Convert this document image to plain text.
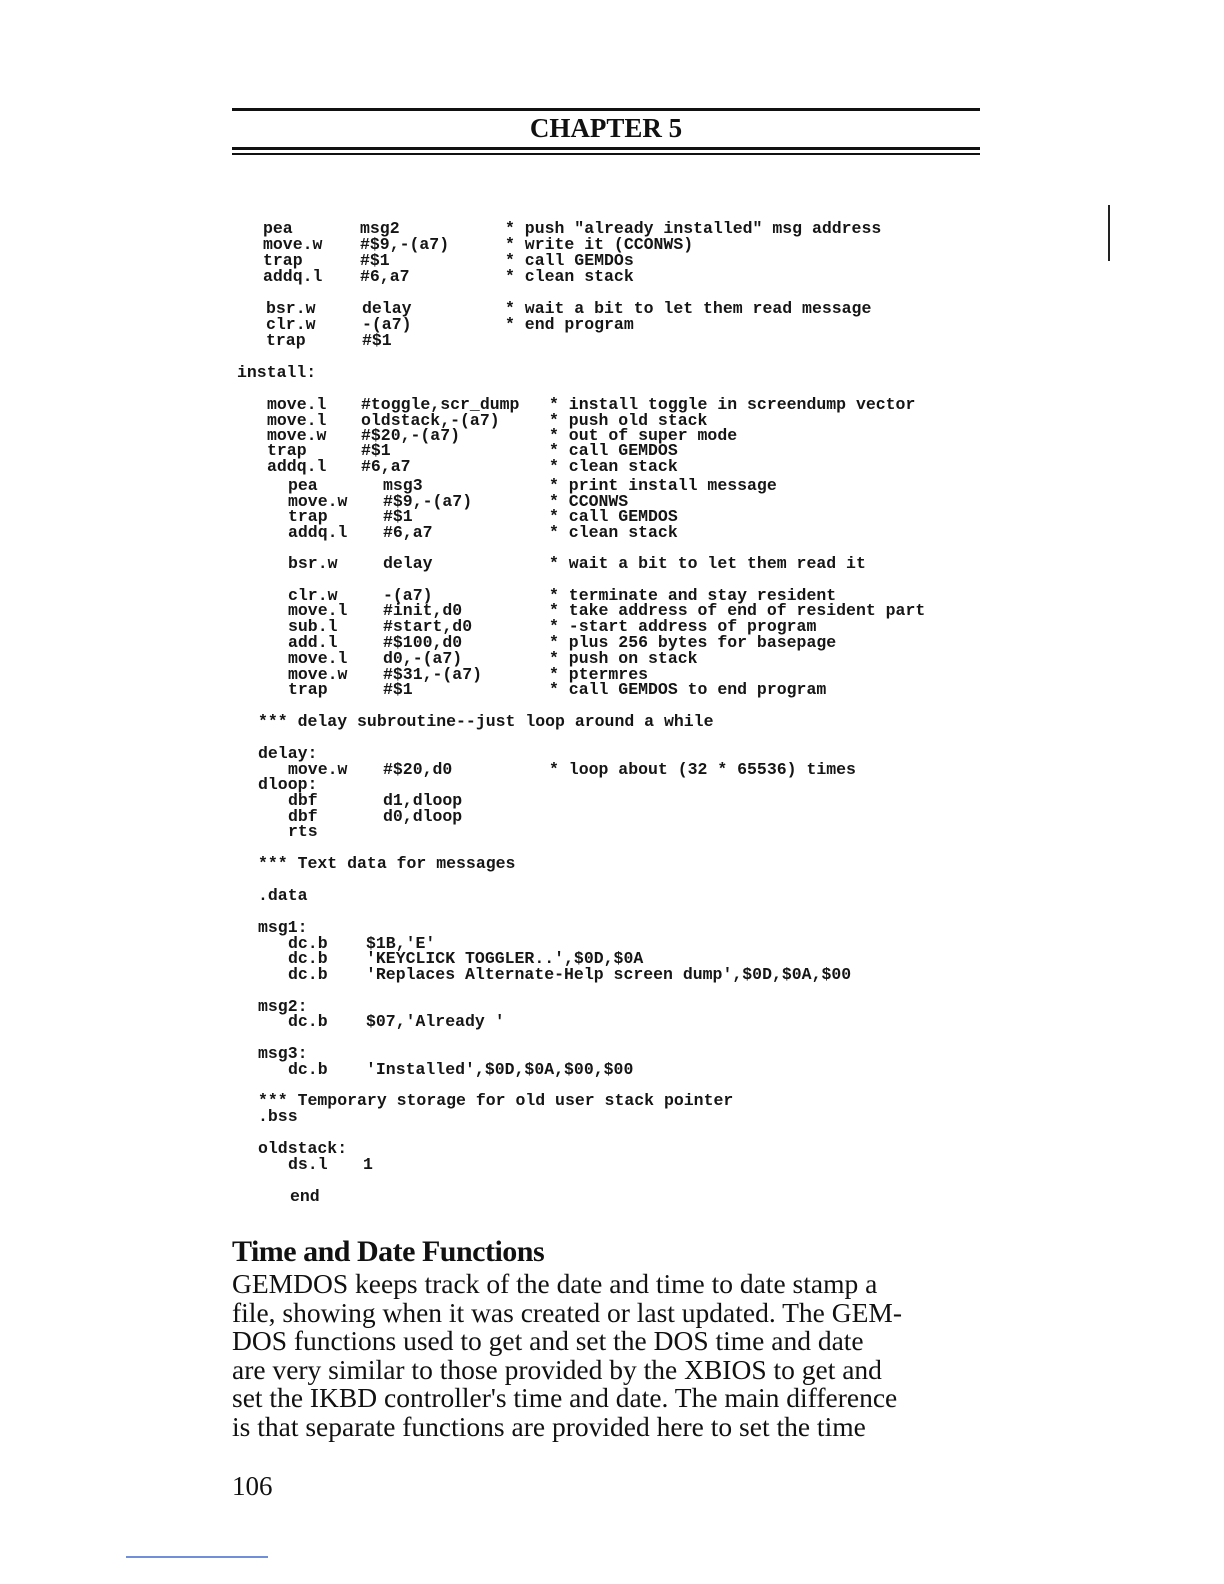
CHAPTER 5
pea	msg2	* push "already installed" msg address
move.w #$9,-(a7)	* write it (CCONWS)
trap	#$1	* call GEMDOs
addq.l #6,a7	* clean stack
bsr.w	delay	* wait a bit to let them read message
clr.w	-(a7)	* end program
trap	#$1
install:
move.l #toggle,scr_dump * install toggle in screendump vector
move.l oldstack,-(a7)	* push old stack
move.w #$20,-(a7)	* out of super mode
trap	#$1	* call GEMDOS
addq.l #6,a7	* clean stack
pea	msg3	* print install message
move.w #$9,-(a7)	* CCONWS
trap	#$1	* call GEMDOS
addq.l #6,a7	* clean stack
bsr.w	delay	* wait a bit to let them read it
clr.w	-(a7)	* terminate and stay resident
move.l #init,d0	* take address of end of resident part
sub.l	#start,d0	* -start address of program
add.l	#$100,d0	* plus 256 bytes for basepage
move.l d0,-(a7)	* push on stack
move.w #$31,-(a7)	* ptermres
trap	#$1	* call GEMDOS to end program
*** delay subroutine--just loop around a while
delay:
move.w #$20,d0	* loop about (32 * 65536) times
dloop:
dbf	d1,dloop
dbf	d0,dloop
rts
*** Text data for messages
.data
msg1:
dc.b $1B,'E'
dc.b 'KEYCLICK TOGGLER..',$0D,$0A
dc.b 'Replaces Alternate-Help screen dump',$0D,$0A,$00
msg2:
dc.b $07,'Already '
msg3:
dc.b 'Installed',$0D,$0A,$00,$00
*** Temporary storage for old user stack pointer
.bss
oldstack:
ds.l 1
end
Time and Date Functions
GEMDOS keeps track of the date and time to date stamp a
file, showing when it was created or last updated. The GEM-
DOS functions used to get and set the DOS time and date
are very similar to those provided by the XBIOS to get and
set the IKBD controller's time and date. The main difference
is that separate functions are provided here to set the time
106
